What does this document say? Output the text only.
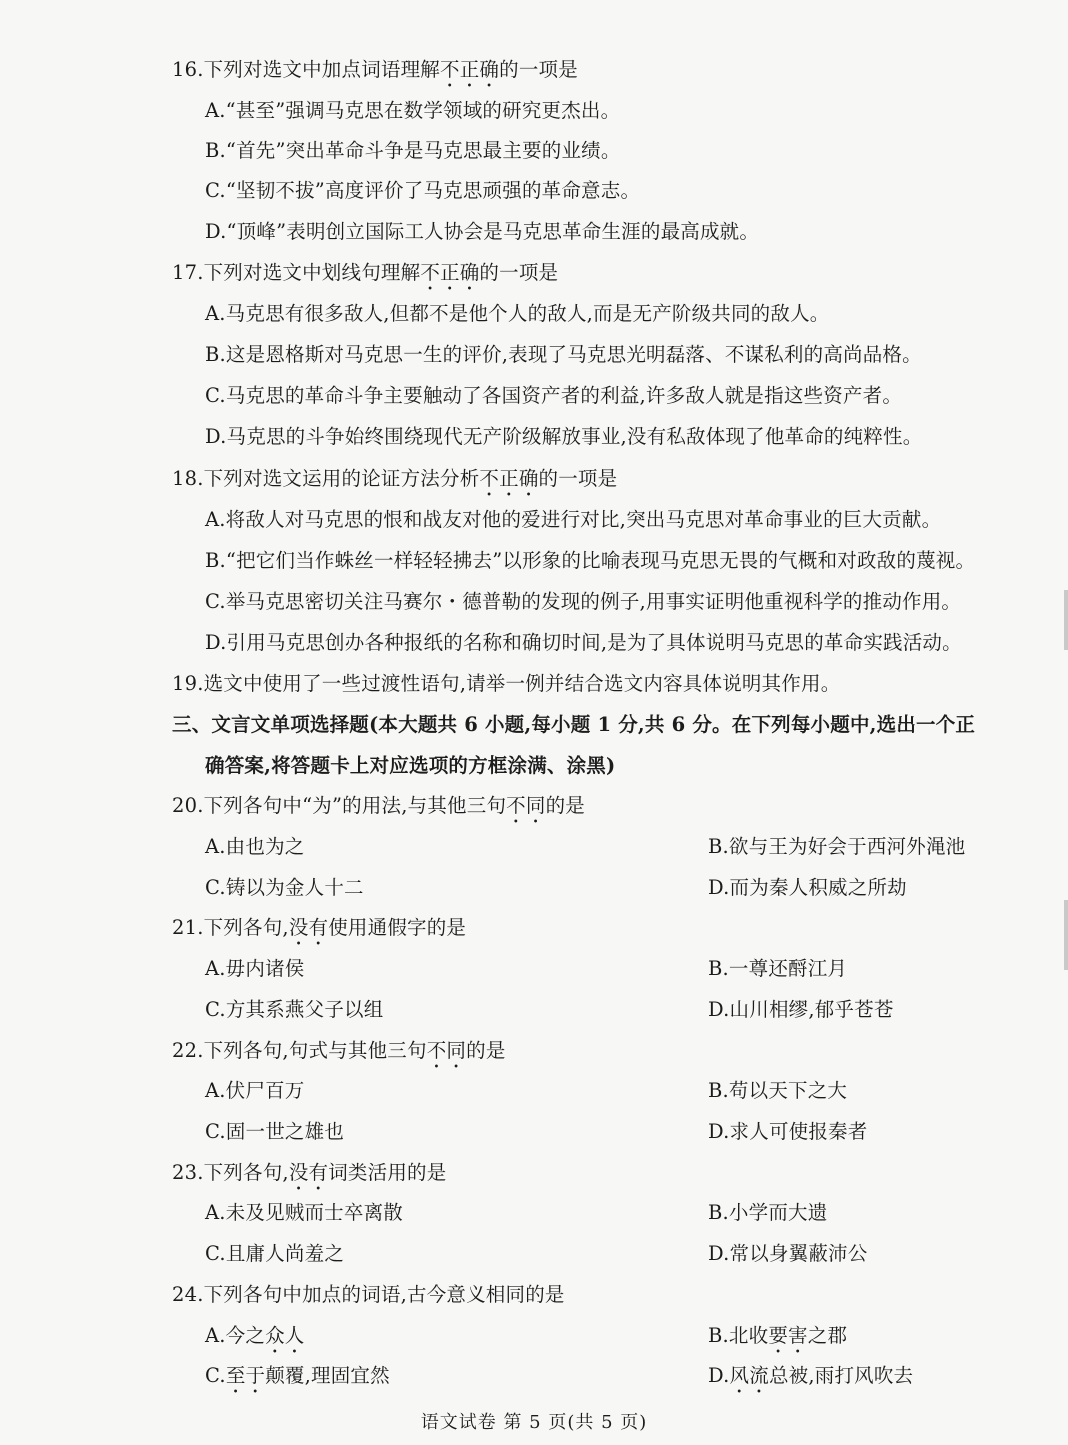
16.下列对选文中加点词语理解不正确的一项是
A.“甚至”强调马克思在数学领域的研究更杰出。
B.“首先”突出革命斗争是马克思最主要的业绩。
C.“坚韧不拔”高度评价了马克思顽强的革命意志。
D.“顶峰”表明创立国际工人协会是马克思革命生涯的最高成就。
17.下列对选文中划线句理解不正确的一项是
A.马克思有很多敌人,但都不是他个人的敌人,而是无产阶级共同的敌人。
B.这是恩格斯对马克思一生的评价,表现了马克思光明磊落、不谋私利的高尚品格。
C.马克思的革命斗争主要触动了各国资产者的利益,许多敌人就是指这些资产者。
D.马克思的斗争始终围绕现代无产阶级解放事业,没有私敌体现了他革命的纯粹性。
18.下列对选文运用的论证方法分析不正确的一项是
A.将敌人对马克思的恨和战友对他的爱进行对比,突出马克思对革命事业的巨大贡献。
B.“把它们当作蛛丝一样轻轻拂去”以形象的比喻表现马克思无畏的气概和对政敌的蔑视。
C.举马克思密切关注马赛尔・德普勒的发现的例子,用事实证明他重视科学的推动作用。
D.引用马克思创办各种报纸的名称和确切时间,是为了具体说明马克思的革命实践活动。
19.选文中使用了一些过渡性语句,请举一例并结合选文内容具体说明其作用。
三、文言文单项选择题(本大题共 6 小题,每小题 1 分,共 6 分。在下列每小题中,选出一个正
确答案,将答题卡上对应选项的方框涂满、涂黑)
20.下列各句中“为”的用法,与其他三句不同的是
A.由也为之	B.欲与王为好会于西河外渑池
C.铸以为金人十二	D.而为秦人积威之所劫
21.下列各句,没有使用通假字的是
A.毋内诸侯	B.一尊还酹江月
C.方其系燕父子以组	D.山川相缪,郁乎苍苍
22.下列各句,句式与其他三句不同的是
A.伏尸百万	B.苟以天下之大
C.固一世之雄也	D.求人可使报秦者
23.下列各句,没有词类活用的是
A.未及见贼而士卒离散	B.小学而大遗
C.且庸人尚羞之	D.常以身翼蔽沛公
24.下列各句中加点的词语,古今意义相同的是
A.今之众人	B.北收要害之郡
C.至于颠覆,理固宜然	D.风流总被,雨打风吹去
语文试卷 第 5 页(共 5 页)
